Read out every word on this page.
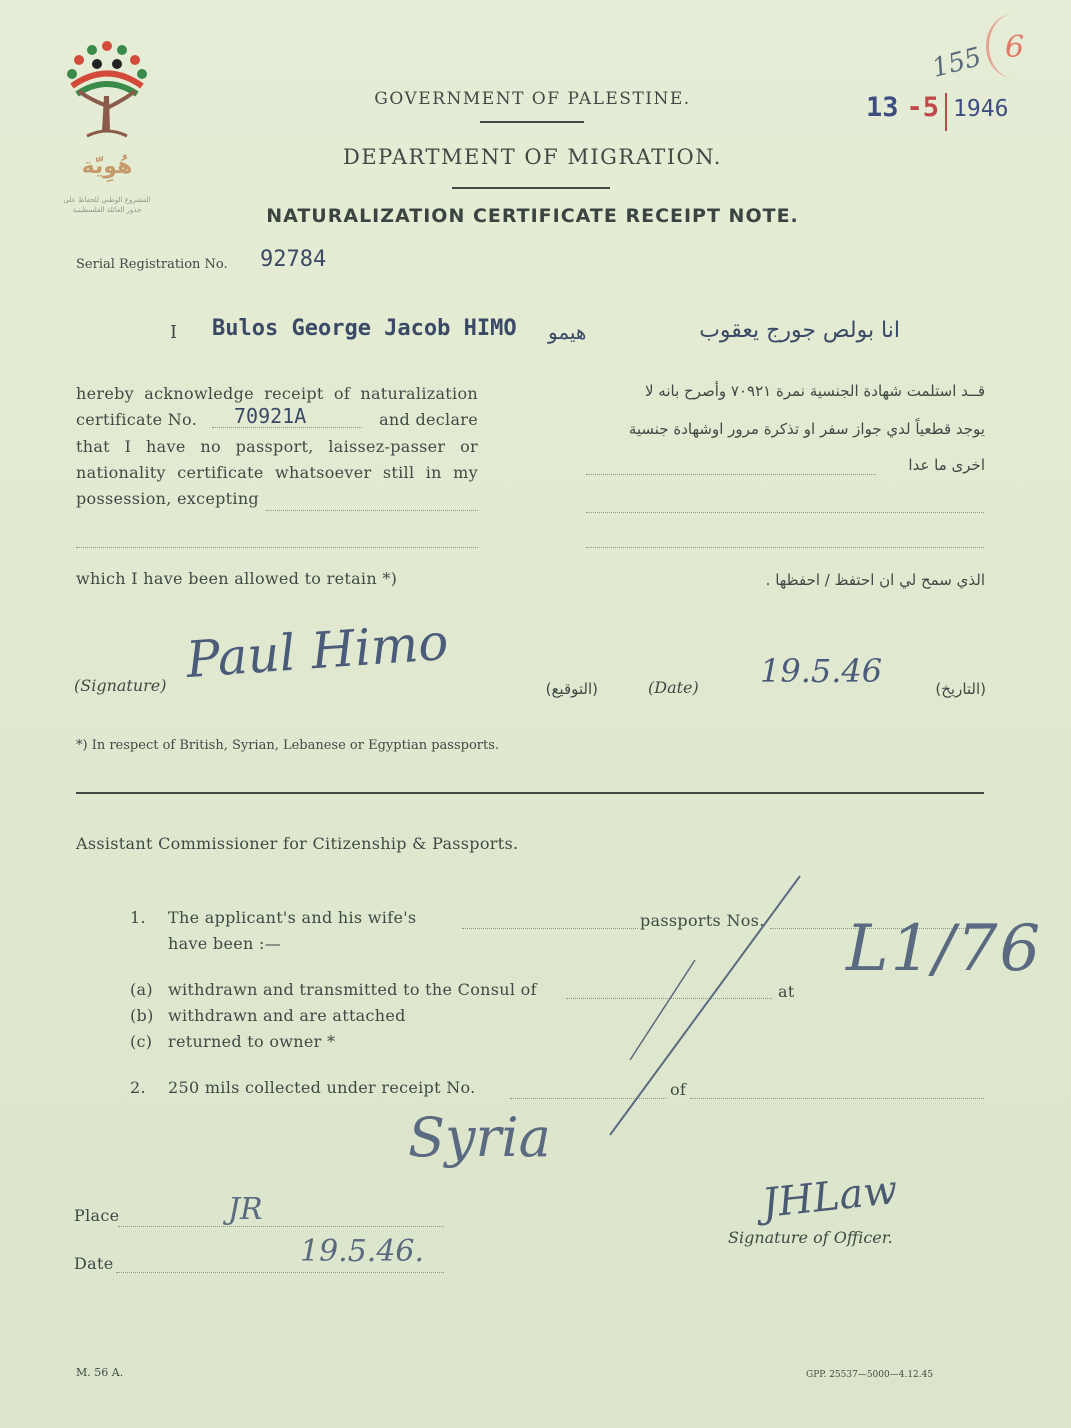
هُوِيّة
المشروع الوطني للحفاظ على
جذور العائلة الفلسطينية
155 6
13 -5 1946
GOVERNMENT OF PALESTINE.
DEPARTMENT OF MIGRATION.
NATURALIZATION CERTIFICATE RECEIPT NOTE.
Serial Registration No. 92784
I Bulos George Jacob HIMO هيمو	انا بولص جورج يعقوب
hereby acknowledge receipt of naturalization
certificate No. 70921A	and declare
that I have no passport, laissez-passer or
nationality certificate whatsoever still in my
possession, excepting
قــد استلمت شهادة الجنسية نمرة ٧٠٩٢١ وأصرح بانه لا
يوجد قطعياً لدي جواز سفر او تذكرة مرور اوشهادة جنسية
اخرى ما عدا
which I have been allowed to retain *)	الذي سمح لي ان احتفظ / احفظها .
(Signature) Paul Himo	(التوقيع)	(Date) 19.5.46	(التاريخ)
*) In respect of British, Syrian, Lebanese or Egyptian passports.
Assistant Commissioner for Citizenship & Passports.
1. The applicant's and his wife's	passports Nos.
have been :—	L1/76
(a) withdrawn and transmitted to the Consul of	at
(b) withdrawn and are attached
(c) returned to owner *
2. 250 mils collected under receipt No.	of
Syria
Place	JR
Date	19.5.46.
JHLaw
Signature of Officer.
M. 56 A.	GPP. 25537—5000—4.12.45
